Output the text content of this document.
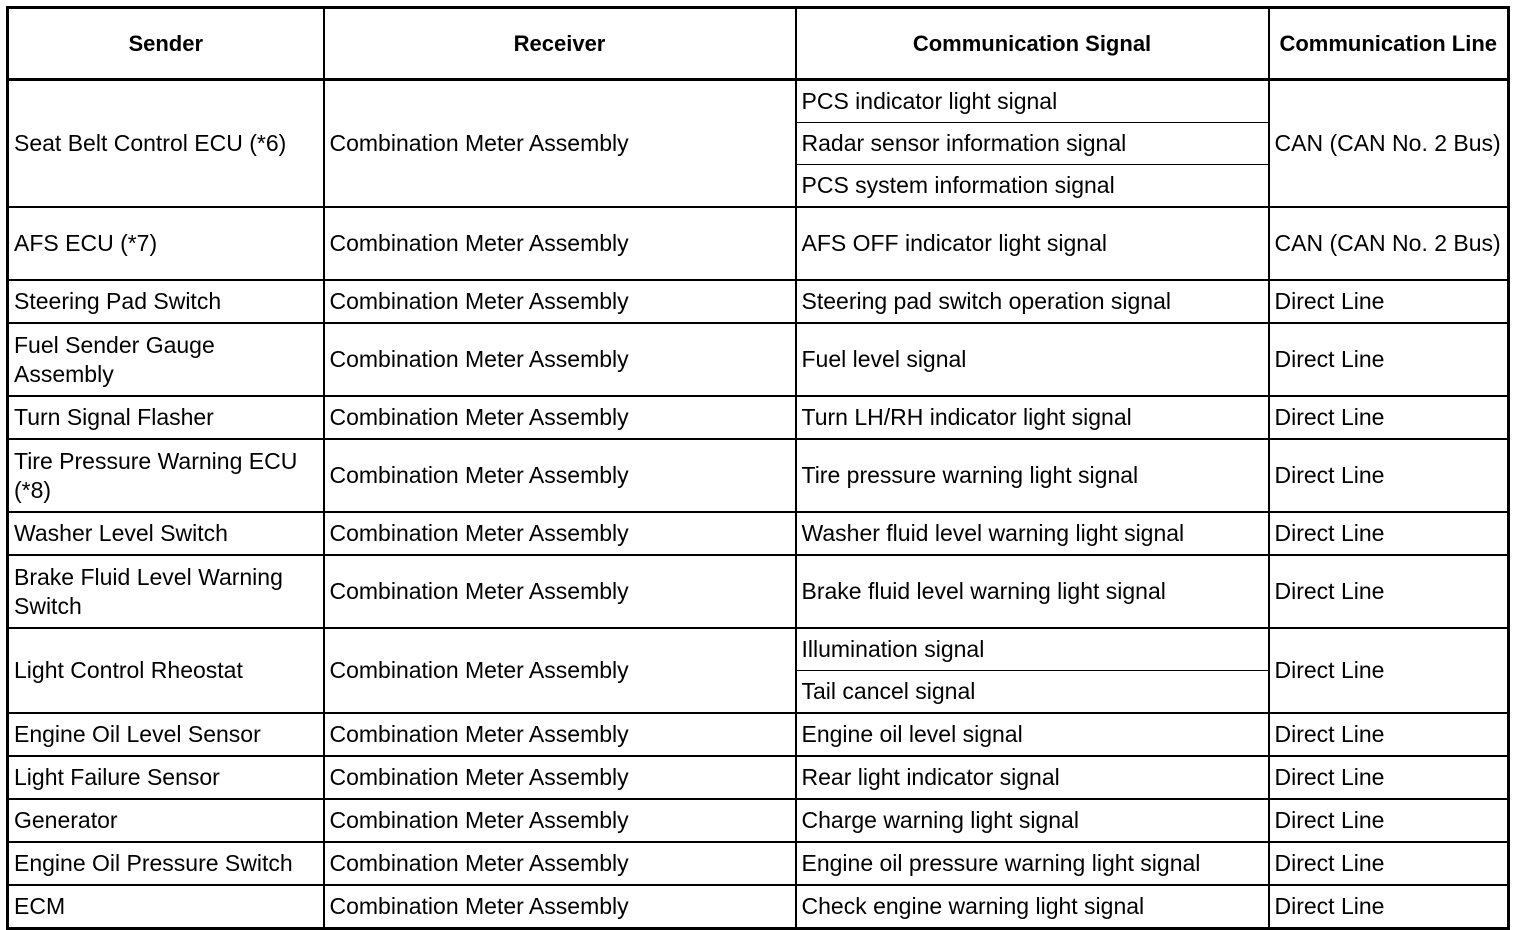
Sender	Receiver	Communication Signal	Communication Line
Seat Belt Control ECU (*6)	Combination Meter Assembly	PCS indicator light signal	CAN (CAN No. 2 Bus)
		Radar sensor information signal	
		PCS system information signal	
AFS ECU (*7)	Combination Meter Assembly	AFS OFF indicator light signal	CAN (CAN No. 2 Bus)
Steering Pad Switch	Combination Meter Assembly	Steering pad switch operation signal	Direct Line
Fuel Sender Gauge Assembly	Combination Meter Assembly	Fuel level signal	Direct Line
Turn Signal Flasher	Combination Meter Assembly	Turn LH/RH indicator light signal	Direct Line
Tire Pressure Warning ECU (*8)	Combination Meter Assembly	Tire pressure warning light signal	Direct Line
Washer Level Switch	Combination Meter Assembly	Washer fluid level warning light signal	Direct Line
Brake Fluid Level Warning Switch	Combination Meter Assembly	Brake fluid level warning light signal	Direct Line
Light Control Rheostat	Combination Meter Assembly	Illumination signal	Direct Line
		Tail cancel signal	
Engine Oil Level Sensor	Combination Meter Assembly	Engine oil level signal	Direct Line
Light Failure Sensor	Combination Meter Assembly	Rear light indicator signal	Direct Line
Generator	Combination Meter Assembly	Charge warning light signal	Direct Line
Engine Oil Pressure Switch	Combination Meter Assembly	Engine oil pressure warning light signal	Direct Line
ECM	Combination Meter Assembly	Check engine warning light signal	Direct Line
